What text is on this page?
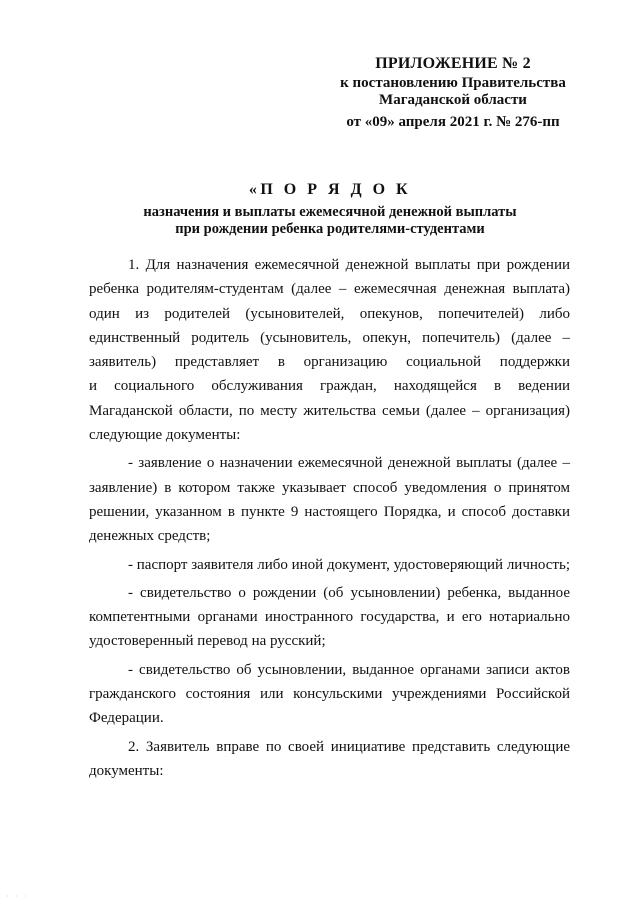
ПРИЛОЖЕНИЕ № 2
к постановлению Правительства
Магаданской области
от «09» апреля 2021 г. № 276-пп
«П О Р Я Д О К
назначения и выплаты ежемесячной денежной выплаты
при рождении ребенка родителями-студентами
1. Для назначения ежемесячной денежной выплаты при рождении
ребенка родителям-студентам (далее – ежемесячная денежная выплата)
один из родителей (усыновителей, опекунов, попечителей) либо
единственный родитель (усыновитель, опекун, попечитель) (далее –
заявитель) представляет в организацию социальной поддержки
и социального обслуживания граждан, находящейся в ведении
Магаданской области, по месту жительства семьи (далее – организация)
следующие документы:
- заявление о назначении ежемесячной денежной выплаты (далее –
заявление) в котором также указывает способ уведомления о принятом
решении, указанном в пункте 9 настоящего Порядка, и способ доставки
денежных средств;
- паспорт заявителя либо иной документ, удостоверяющий личность;
- свидетельство о рождении (об усыновлении) ребенка, выданное
компетентными органами иностранного государства, и его нотариально
удостоверенный перевод на русский;
- свидетельство об усыновлении, выданное органами записи актов
гражданского состояния или консульскими учреждениями Российской
Федерации.
2. Заявитель вправе по своей инициативе представить следующие
документы:
· · ·
